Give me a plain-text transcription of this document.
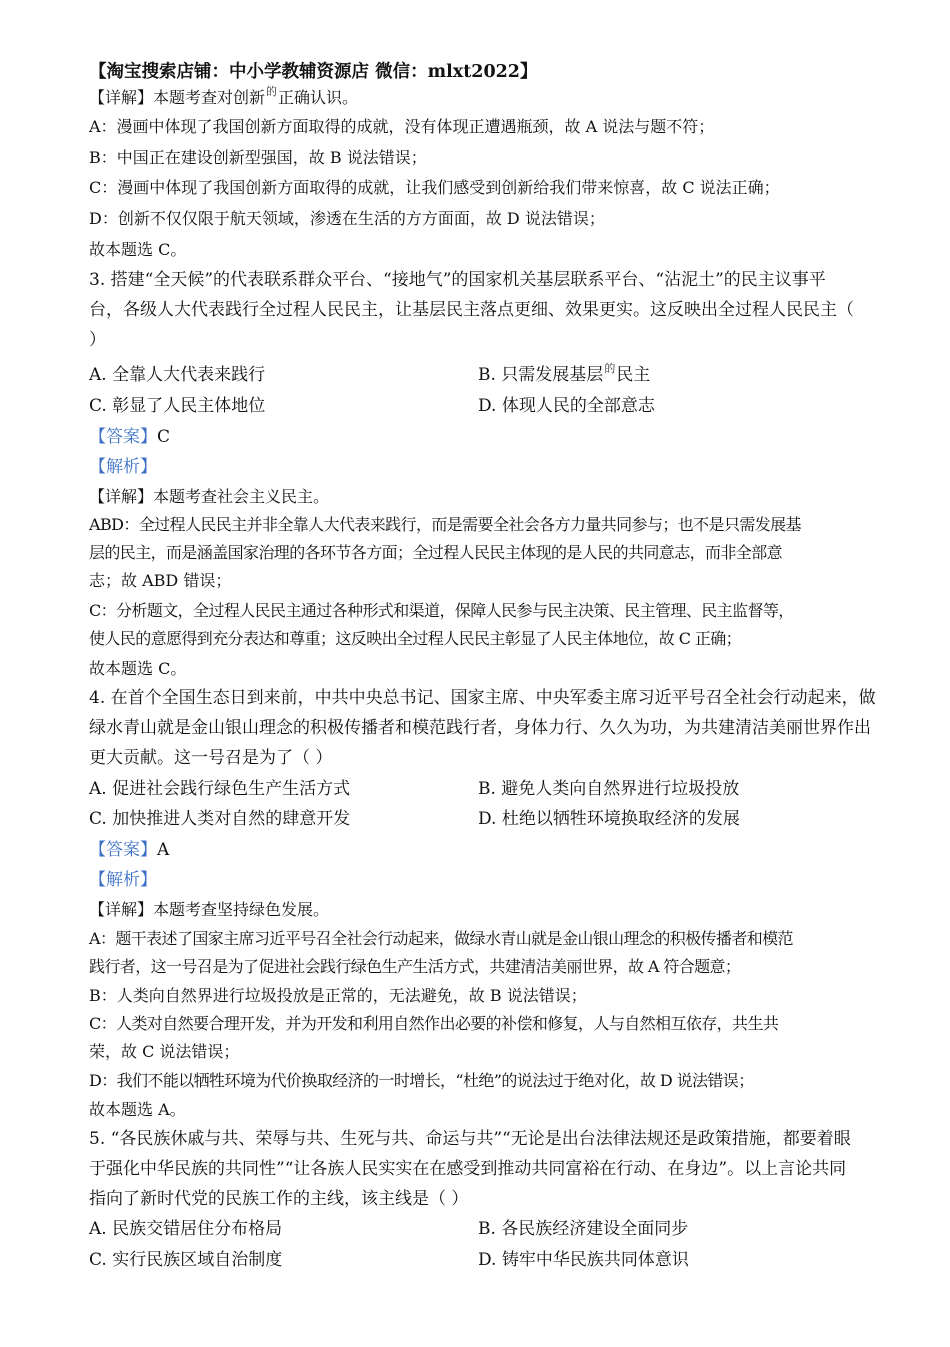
【淘宝搜索店铺：中小学教辅资源店 微信：mlxt2022】
【详解】本题考查对创新$^的$正确认识。
A：漫画中体现了我国创新方面取得的成就，没有体现正遭遇瓶颈，故 A 说法与题不符；
B：中国正在建设创新型强国，故 B 说法错误；
C：漫画中体现了我国创新方面取得的成就，让我们感受到创新给我们带来惊喜，故 C 说法正确；
D：创新不仅仅限于航天领域，渗透在生活的方方面面，故 D 说法错误；
故本题选 C。
3. 搭建“全天候”的代表联系群众平台、“接地气”的国家机关基层联系平台、“沾泥土”的民主议事平
台，各级人大代表践行全过程人民民主，让基层民主落点更细、效果更实。这反映出全过程人民民主（
）
A. 全靠人大代表来践行	B. 只需发展基层$^的$民主
C. 彰显了人民主体地位	D. 体现人民的全部意志
【答案】C
【解析】
【详解】本题考查社会主义民主。
ABD：全过程人民民主并非全靠人大代表来践行，而是需要全社会各方力量共同参与；也不是只需发展基
层的民主，而是涵盖国家治理的各环节各方面；全过程人民民主体现的是人民的共同意志，而非全部意
志；故 ABD 错误；
C：分析题文，全过程人民民主通过各种形式和渠道，保障人民参与民主决策、民主管理、民主监督等，
使人民的意愿得到充分表达和尊重；这反映出全过程人民民主彰显了人民主体地位，故 C 正确；
故本题选 C。
4. 在首个全国生态日到来前，中共中央总书记、国家主席、中央军委主席习近平号召全社会行动起来，做
绿水青山就是金山银山理念的积极传播者和模范践行者，身体力行、久久为功，为共建清洁美丽世界作出
更大贡献。这一号召是为了（ ）
A. 促进社会践行绿色生产生活方式	B. 避免人类向自然界进行垃圾投放
C. 加快推进人类对自然的肆意开发	D. 杜绝以牺牲环境换取经济的发展
【答案】A
【解析】
【详解】本题考查坚持绿色发展。
A：题干表述了国家主席习近平号召全社会行动起来，做绿水青山就是金山银山理念的积极传播者和模范
践行者，这一号召是为了促进社会践行绿色生产生活方式，共建清洁美丽世界，故 A 符合题意；
B：人类向自然界进行垃圾投放是正常的，无法避免，故 B 说法错误；
C：人类对自然要合理开发，并为开发和利用自然作出必要的补偿和修复，人与自然相互依存，共生共
荣，故 C 说法错误；
D：我们不能以牺牲环境为代价换取经济的一时增长，“杜绝”的说法过于绝对化，故 D 说法错误；
故本题选 A。
5. “各民族休戚与共、荣辱与共、生死与共、命运与共”“无论是出台法律法规还是政策措施，都要着眼
于强化中华民族的共同性”“让各族人民实实在在感受到推动共同富裕在行动、在身边”。以上言论共同
指向了新时代党的民族工作的主线，该主线是（ ）
A. 民族交错居住分布格局	B. 各民族经济建设全面同步
C. 实行民族区域自治制度	D. 铸牢中华民族共同体意识
